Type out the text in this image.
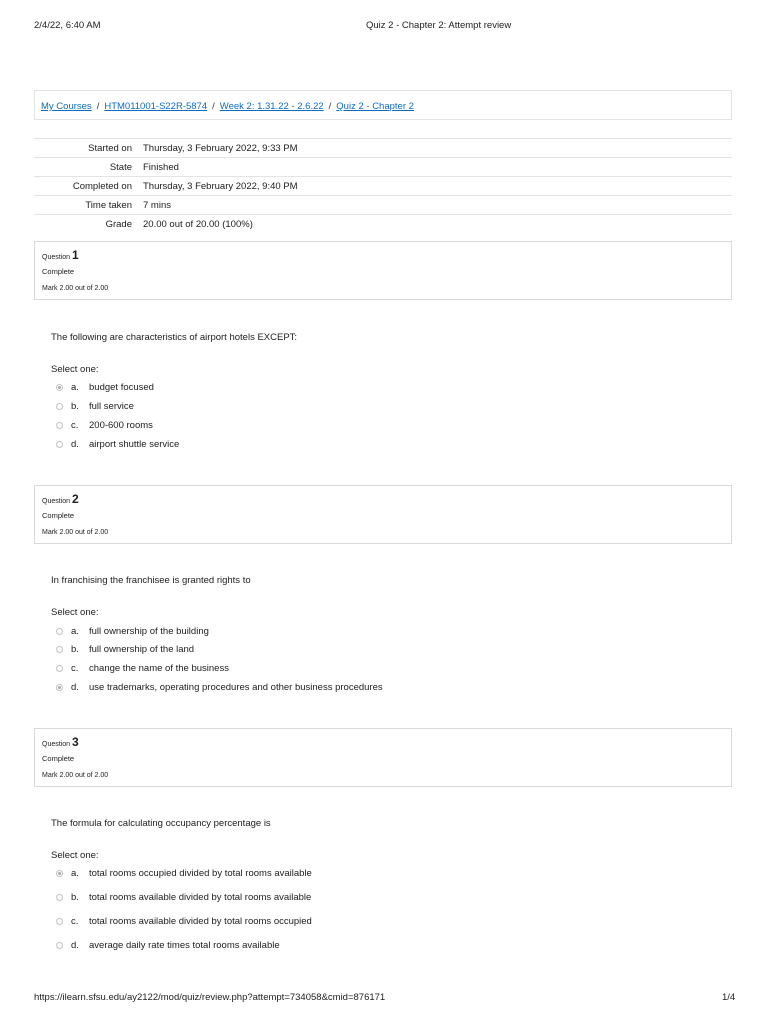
2/4/22, 6:40 AM	Quiz 2 - Chapter 2: Attempt review
My Courses / HTM011001-S22R-5874 / Week 2: 1.31.22 - 2.6.22 / Quiz 2 - Chapter 2
Started on Thursday, 3 February 2022, 9:33 PM
State Finished
Completed on Thursday, 3 February 2022, 9:40 PM
Time taken 7 mins
Grade 20.00 out of 20.00 (100%)
Question 1
Complete
Mark 2.00 out of 2.00
The following are characteristics of airport hotels EXCEPT:
Select one:
a.	budget focused
b.	full service
c.	200-600 rooms
d.	airport shuttle service
Question 2
Complete
Mark 2.00 out of 2.00
In franchising the franchisee is granted rights to
Select one:
a.	full ownership of the building
b.	full ownership of the land
c.	change the name of the business
d.	use trademarks, operating procedures and other business procedures
Question 3
Complete
Mark 2.00 out of 2.00
The formula for calculating occupancy percentage is
Select one:
a.	total rooms occupied divided by total rooms available
b.	total rooms available divided by total rooms available
c.	total rooms available divided by total rooms occupied
d.	average daily rate times total rooms available
https://ilearn.sfsu.edu/ay2122/mod/quiz/review.php?attempt=734058&cmid=876171	1/4
